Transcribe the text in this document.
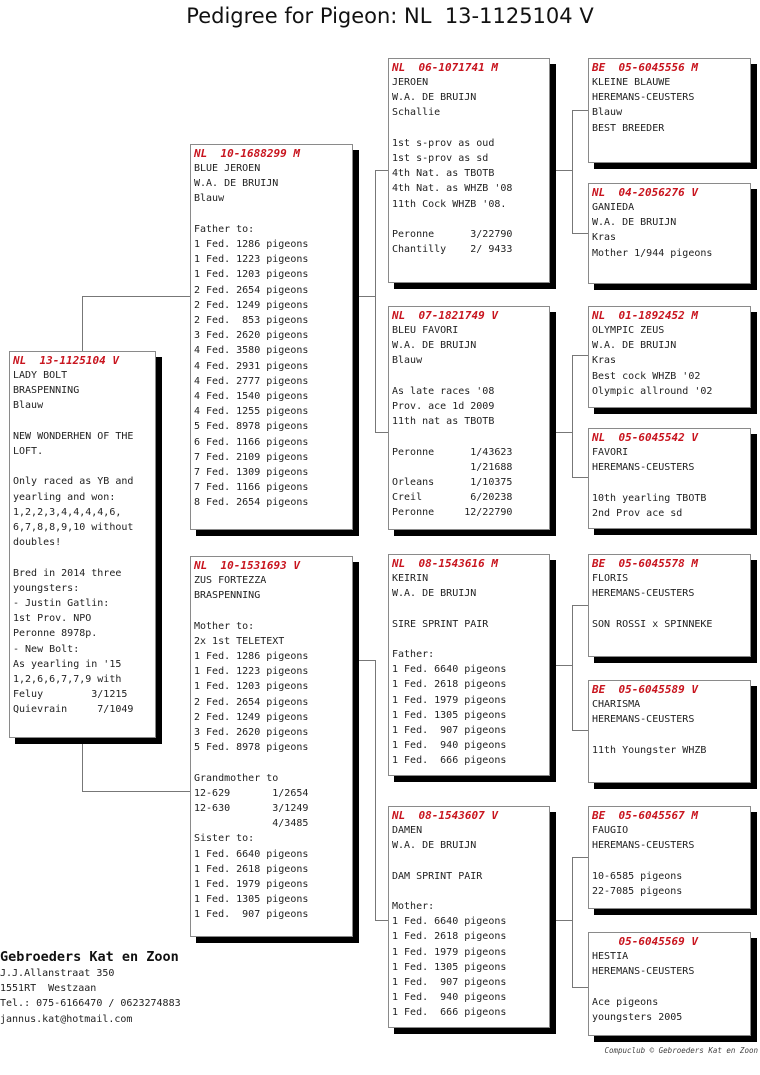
Pedigree for Pigeon: NL  13-1125104 V
NL  13-1125104 V
LADY BOLT
BRASPENNING
Blauw

NEW WONDERHEN OF THE
LOFT.

Only raced as YB and
yearling and won:
1,2,2,3,4,4,4,4,6,
6,7,8,8,9,10 without
doubles!

Bred in 2014 three
youngsters:
- Justin Gatlin:
1st Prov. NPO
Peronne 8978p.
- New Bolt:
As yearling in '15
1,2,6,6,7,7,9 with
Feluy        3/1215
Quievrain     7/1049
NL  10-1688299 M
BLUE JEROEN
W.A. DE BRUIJN
Blauw

Father to:
1 Fed. 1286 pigeons
1 Fed. 1223 pigeons
1 Fed. 1203 pigeons
2 Fed. 2654 pigeons
2 Fed. 1249 pigeons
2 Fed.  853 pigeons
3 Fed. 2620 pigeons
4 Fed. 3580 pigeons
4 Fed. 2931 pigeons
4 Fed. 2777 pigeons
4 Fed. 1540 pigeons
4 Fed. 1255 pigeons
5 Fed. 8978 pigeons
6 Fed. 1166 pigeons
7 Fed. 2109 pigeons
7 Fed. 1309 pigeons
7 Fed. 1166 pigeons
8 Fed. 2654 pigeons
NL  10-1531693 V
ZUS FORTEZZA
BRASPENNING

Mother to:
2x 1st TELETEXT
1 Fed. 1286 pigeons
1 Fed. 1223 pigeons
1 Fed. 1203 pigeons
2 Fed. 2654 pigeons
2 Fed. 1249 pigeons
3 Fed. 2620 pigeons
5 Fed. 8978 pigeons

Grandmother to
12-629       1/2654
12-630       3/1249
4/3485
Sister to:
1 Fed. 6640 pigeons
1 Fed. 2618 pigeons
1 Fed. 1979 pigeons
1 Fed. 1305 pigeons
1 Fed.  907 pigeons
NL  06-1071741 M
JEROEN
W.A. DE BRUIJN
Schallie

1st s-prov as oud
1st s-prov as sd
4th Nat. as TBOTB
4th Nat. as WHZB '08
11th Cock WHZB '08.

Peronne      3/22790
Chantilly    2/ 9433
NL  07-1821749 V
BLEU FAVORI
W.A. DE BRUIJN
Blauw

As late races '08
Prov. ace 1d 2009
11th nat as TBOTB

Peronne      1/43623
1/21688
Orleans      1/10375
Creil        6/20238
Peronne     12/22790
NL  08-1543616 M
KEIRIN
W.A. DE BRUIJN

SIRE SPRINT PAIR

Father:
1 Fed. 6640 pigeons
1 Fed. 2618 pigeons
1 Fed. 1979 pigeons
1 Fed. 1305 pigeons
1 Fed.  907 pigeons
1 Fed.  940 pigeons
1 Fed.  666 pigeons
NL  08-1543607 V
DAMEN
W.A. DE BRUIJN

DAM SPRINT PAIR

Mother:
1 Fed. 6640 pigeons
1 Fed. 2618 pigeons
1 Fed. 1979 pigeons
1 Fed. 1305 pigeons
1 Fed.  907 pigeons
1 Fed.  940 pigeons
1 Fed.  666 pigeons
BE  05-6045556 M
KLEINE BLAUWE
HEREMANS-CEUSTERS
Blauw
BEST BREEDER
NL  04-2056276 V
GANIEDA
W.A. DE BRUIJN
Kras
Mother 1/944 pigeons
NL  01-1892452 M
OLYMPIC ZEUS
W.A. DE BRUIJN
Kras
Best cock WHZB '02
Olympic allround '02
NL  05-6045542 V
FAVORI
HEREMANS-CEUSTERS

10th yearling TBOTB
2nd Prov ace sd
BE  05-6045578 M
FLORIS
HEREMANS-CEUSTERS

SON ROSSI x SPINNEKE
BE  05-6045589 V
CHARISMA
HEREMANS-CEUSTERS

11th Youngster WHZB
BE  05-6045567 M
FAUGIO
HEREMANS-CEUSTERS

10-6585 pigeons
22-7085 pigeons
05-6045569 V
HESTIA
HEREMANS-CEUSTERS

Ace pigeons
youngsters 2005
Gebroeders Kat en Zoon
J.J.Allanstraat 350
1551RT  Westzaan
Tel.: 075-6166470 / 0623274883
jannus.kat@hotmail.com
Compuclub © Gebroeders Kat en Zoon
